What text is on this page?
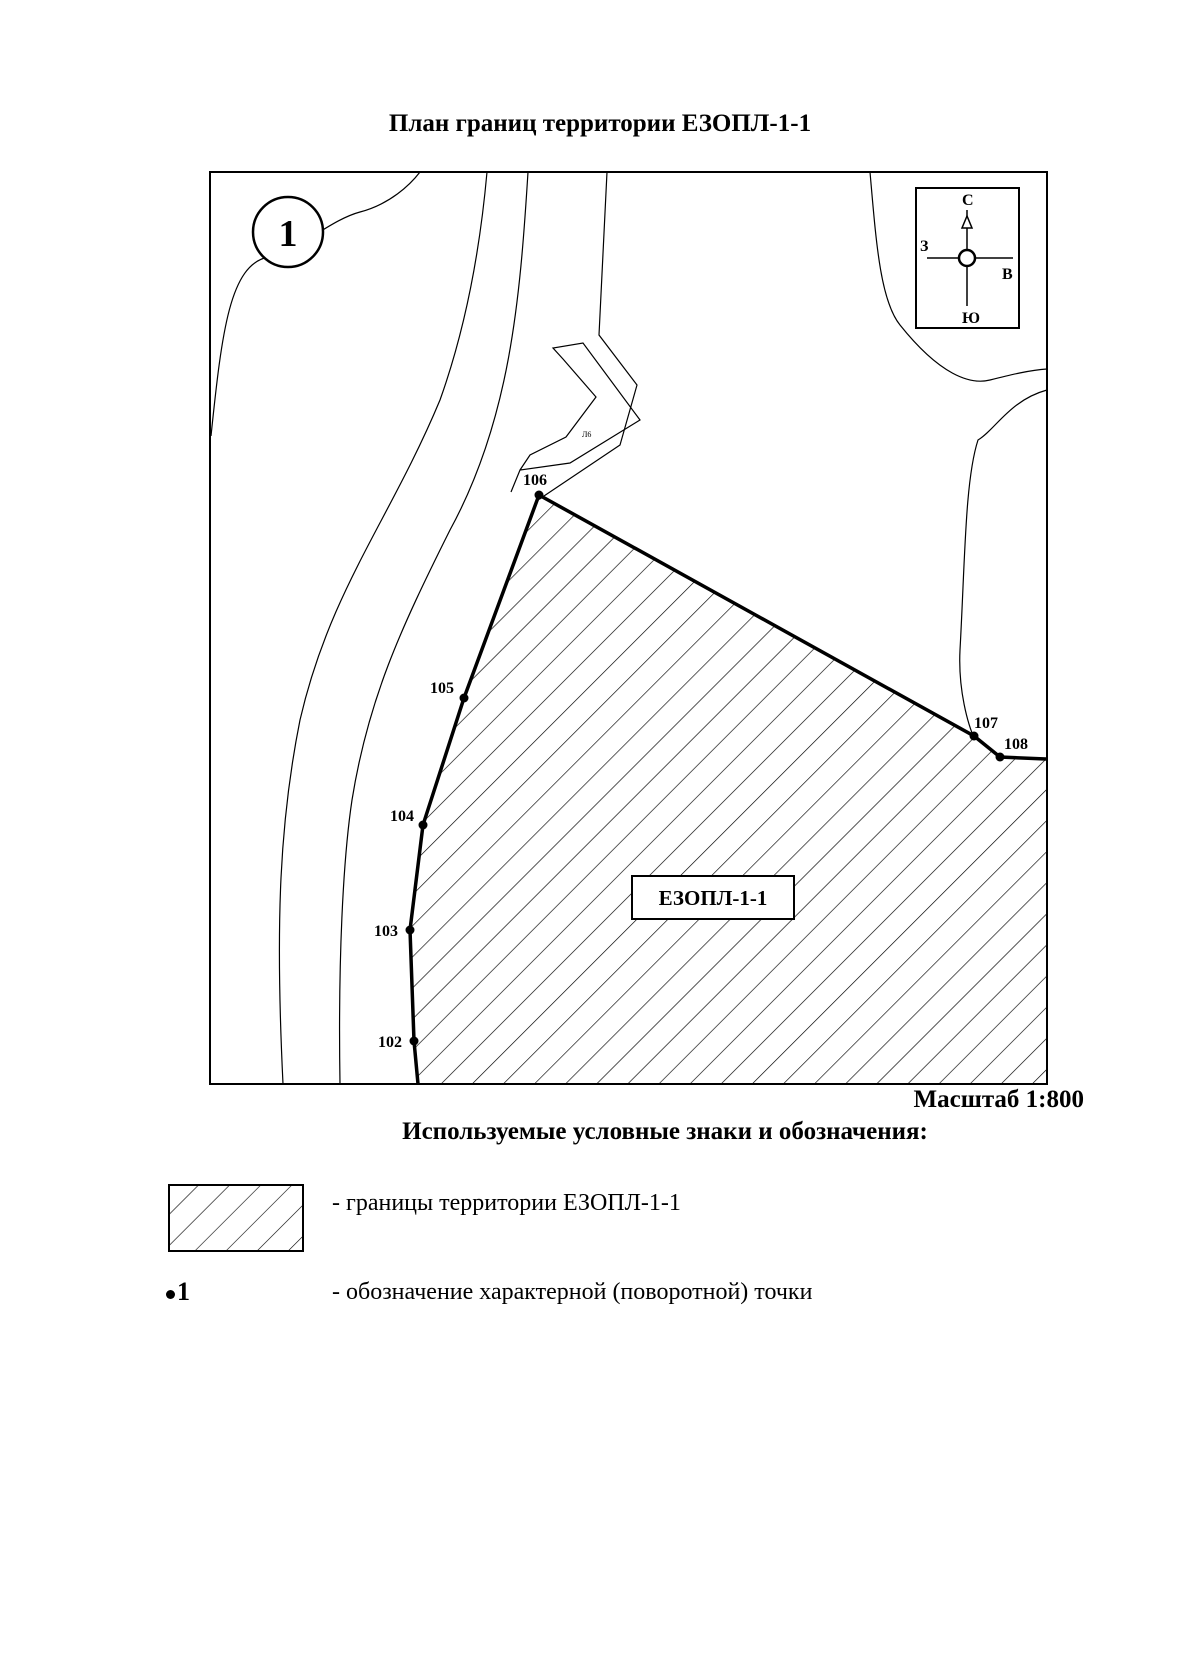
План границ территории ЕЗОПЛ-1-1
Л6
С
Ю
З
В
1
ЕЗОПЛ-1-1
102
103
104
105
106
107
108
Масштаб 1:800
Используемые условные знаки и обозначения:
- границы территории ЕЗОПЛ-1-1
1	- обозначение характерной (поворотной) точки
